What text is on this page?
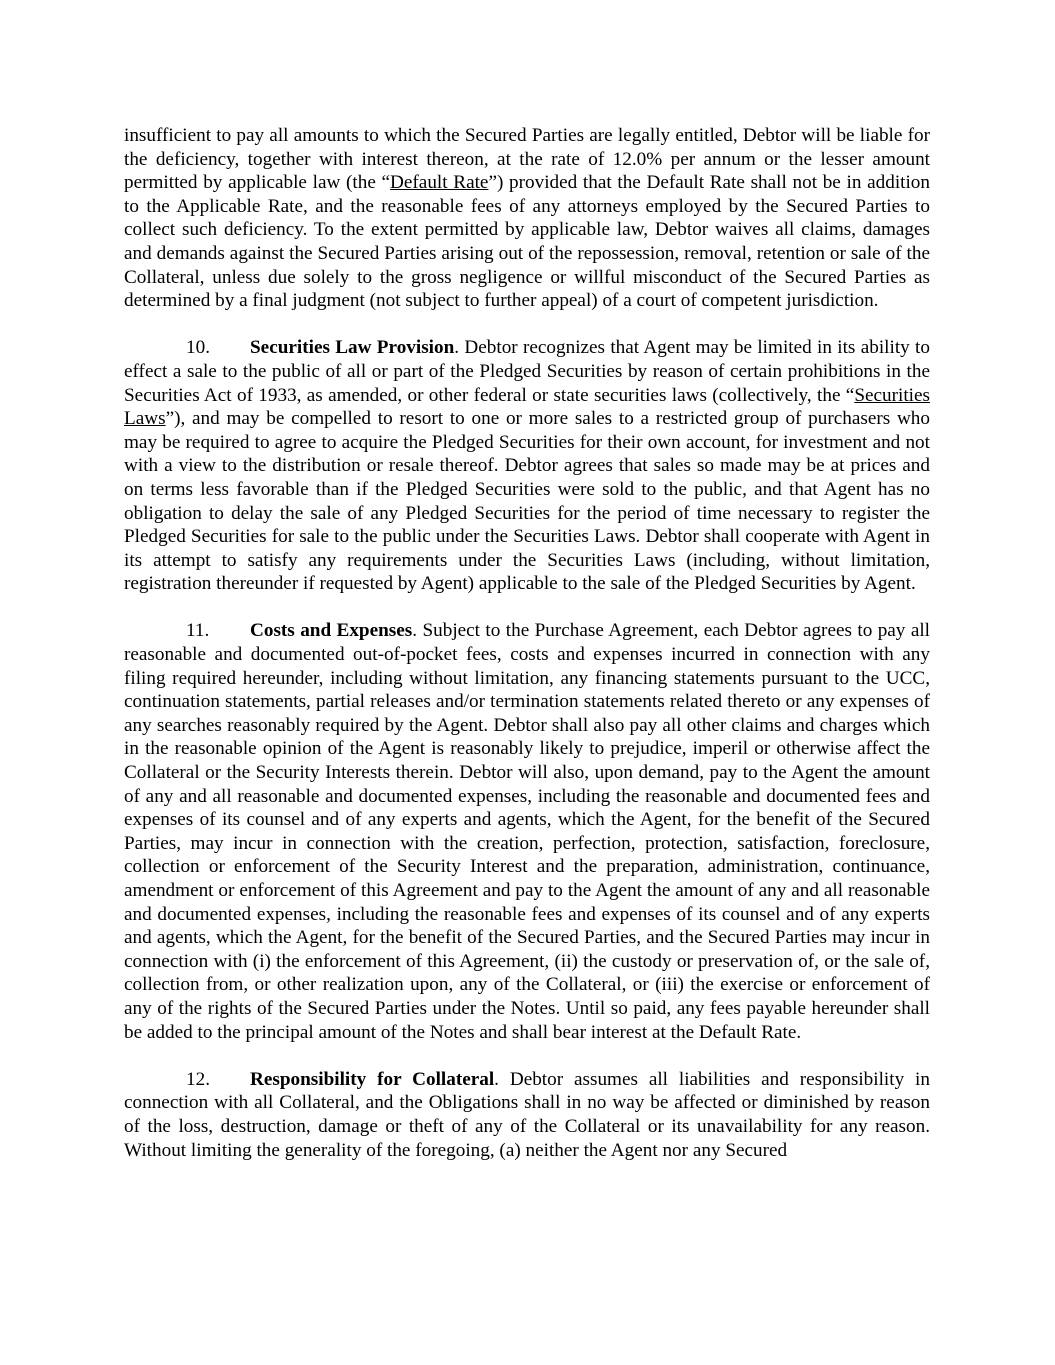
insufficient to pay all amounts to which the Secured Parties are legally entitled, Debtor will be liable for the deficiency, together with interest thereon, at the rate of 12.0% per annum or the lesser amount permitted by applicable law (the “Default Rate”) provided that the Default Rate shall not be in addition to the Applicable Rate, and the reasonable fees of any attorneys employed by the Secured Parties to collect such deficiency. To the extent permitted by applicable law, Debtor waives all claims, damages and demands against the Secured Parties arising out of the repossession, removal, retention or sale of the Collateral, unless due solely to the gross negligence or willful misconduct of the Secured Parties as determined by a final judgment (not subject to further appeal) of a court of competent jurisdiction.

10. Securities Law Provision. Debtor recognizes that Agent may be limited in its ability to effect a sale to the public of all or part of the Pledged Securities by reason of certain prohibitions in the Securities Act of 1933, as amended, or other federal or state securities laws (collectively, the “Securities Laws”), and may be compelled to resort to one or more sales to a restricted group of purchasers who may be required to agree to acquire the Pledged Securities for their own account, for investment and not with a view to the distribution or resale thereof. Debtor agrees that sales so made may be at prices and on terms less favorable than if the Pledged Securities were sold to the public, and that Agent has no obligation to delay the sale of any Pledged Securities for the period of time necessary to register the Pledged Securities for sale to the public under the Securities Laws. Debtor shall cooperate with Agent in its attempt to satisfy any requirements under the Securities Laws (including, without limitation, registration thereunder if requested by Agent) applicable to the sale of the Pledged Securities by Agent.

11. Costs and Expenses. Subject to the Purchase Agreement, each Debtor agrees to pay all reasonable and documented out-of-pocket fees, costs and expenses incurred in connection with any filing required hereunder, including without limitation, any financing statements pursuant to the UCC, continuation statements, partial releases and/or termination statements related thereto or any expenses of any searches reasonably required by the Agent. Debtor shall also pay all other claims and charges which in the reasonable opinion of the Agent is reasonably likely to prejudice, imperil or otherwise affect the Collateral or the Security Interests therein. Debtor will also, upon demand, pay to the Agent the amount of any and all reasonable and documented expenses, including the reasonable and documented fees and expenses of its counsel and of any experts and agents, which the Agent, for the benefit of the Secured Parties, may incur in connection with the creation, perfection, protection, satisfaction, foreclosure, collection or enforcement of the Security Interest and the preparation, administration, continuance, amendment or enforcement of this Agreement and pay to the Agent the amount of any and all reasonable and documented expenses, including the reasonable fees and expenses of its counsel and of any experts and agents, which the Agent, for the benefit of the Secured Parties, and the Secured Parties may incur in connection with (i) the enforcement of this Agreement, (ii) the custody or preservation of, or the sale of, collection from, or other realization upon, any of the Collateral, or (iii) the exercise or enforcement of any of the rights of the Secured Parties under the Notes. Until so paid, any fees payable hereunder shall be added to the principal amount of the Notes and shall bear interest at the Default Rate.

12. Responsibility for Collateral. Debtor assumes all liabilities and responsibility in connection with all Collateral, and the Obligations shall in no way be affected or diminished by reason of the loss, destruction, damage or theft of any of the Collateral or its unavailability for any reason. Without limiting the generality of the foregoing, (a) neither the Agent nor any Secured
